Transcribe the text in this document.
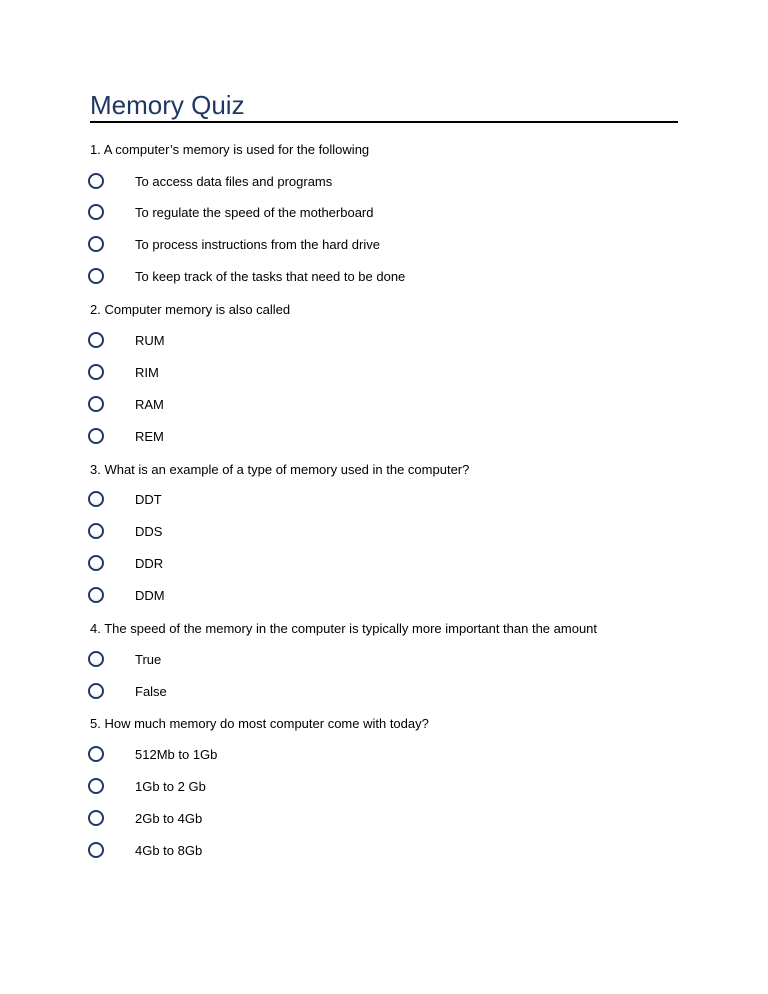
Memory Quiz
1. A computer’s memory is used for the following
To access data files and programs
To regulate the speed of the motherboard
To process instructions from the hard drive
To keep track of the tasks that need to be done
2. Computer memory is also called
RUM
RIM
RAM
REM
3. What is an example of a type of memory used in the computer?
DDT
DDS
DDR
DDM
4. The speed of the memory in the computer is typically more important than the amount
True
False
5. How much memory do most computer come with today?
512Mb to 1Gb
1Gb to 2 Gb
2Gb to 4Gb
4Gb to 8Gb
